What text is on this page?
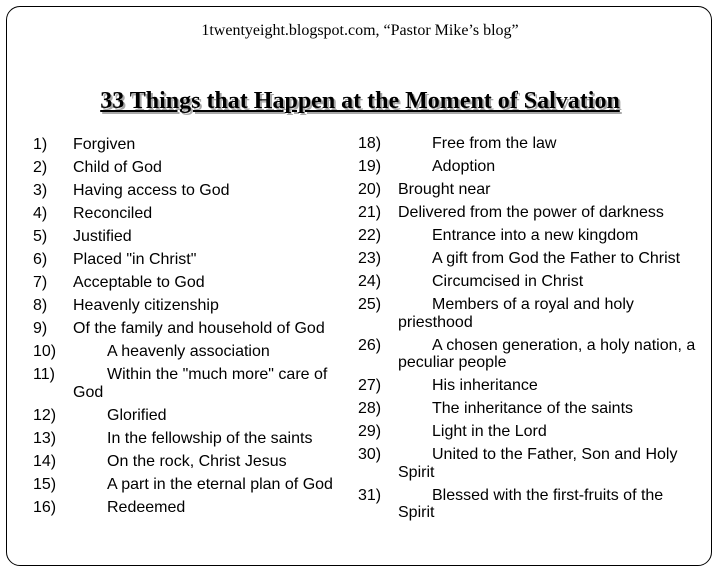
1twentyeight.blogspot.com, “Pastor Mike’s blog”
33 Things that Happen at the Moment of Salvation
1) Forgiven
2) Child of God
3) Having access to God
4) Reconciled
5) Justified
6) Placed "in Christ"
7) Acceptable to God
8) Heavenly citizenship
9) Of the family and household of God
10)	A heavenly association
11)	Within the "much more" care of God
12)	Glorified
13)	In the fellowship of the saints
14)	On the rock, Christ Jesus
15)	A part in the eternal plan of God
16)	Redeemed
18)	Free from the law
19)	Adoption
20) Brought near
21) Delivered from the power of darkness
22)	Entrance into a new kingdom
23)	A gift from God the Father to Christ
24)	Circumcised in Christ
25)	Members of a royal and holy priesthood
26)	A chosen generation, a holy nation, a peculiar people
27)	His inheritance
28)	The inheritance of the saints
29)	Light in the Lord
30)	United to the Father, Son and Holy Spirit
31)	Blessed with the first-fruits of the Spirit
